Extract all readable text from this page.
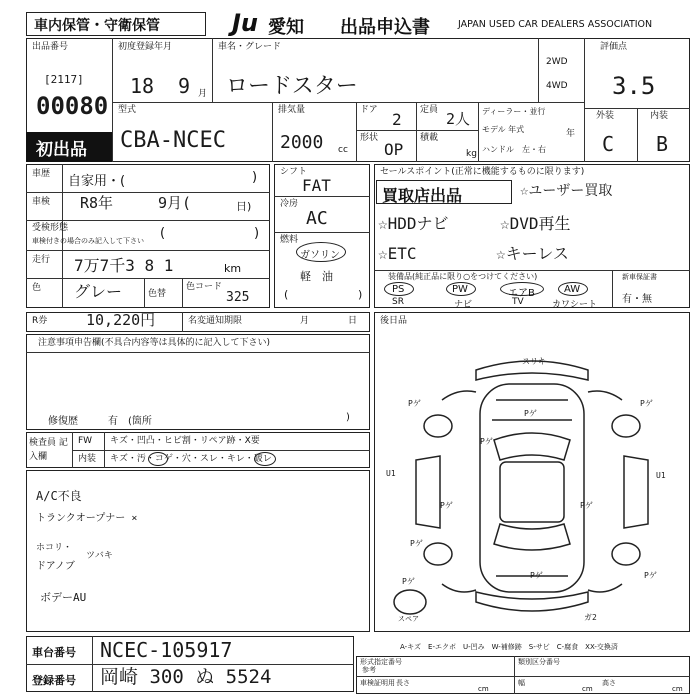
車内保管・守衛保管	Ju 愛知 出品申込書	JAPAN USED CAR DEALERS ASSOCIATION
出品番号
[2117]
00080
初出品
初度登録年月
18 9 月
型式
CBA-NCEC
車名・グレード
ロードスター
2WD
4WD
排気量
2000 cc
ドア 2 定員 2人
形状
OP
積載
kg
ディーラー・並行
モデル 年式	年
ハンドル　左・右
評価点
3.5
外装	内装
C B
車歴 自家用・(	)
車検 R8年	9月(	日)
受検形態
車検付きの場合のみ記入して下さい (	)
走行 7万7千3 8 1	km
色 グレー	色替
色コード
325
シフト
FAT
冷房
AC
燃料
ガソリン
軽　油
(	)
セールスポイント(正常に機能するものに限ります)
買取店出品	☆ユーザー買取
☆HDDナビ	☆DVD再生
☆ETC	☆キーレス
装備品(純正品に限り○をつけてください)
PS	PW	エアB	AW
SR	ナビ	TV	カワシート
新車保証書
有・無
R券	10,220円	名変通知期限	月	日	後日品
注意事項申告欄(不具合内容等は具体的に記入して下さい)
修復歴	有　(箇所	)
検査員 記入欄
FW キズ・凹凸・ヒビ割・リペア跡・X要
内装 キズ・汚・コゲ・穴・スレ・キレ・破レ
A/C不良
トランクオープナー ×
ホコリ・
ドアノブ
ツバキ
ボデーAU
スリキ
Pゲ
Pゲ
Pゲ
Pゲ
U1	U1
Pゲ	Pゲ
Pゲ
Pゲ	Pゲ
Pゲ
ガ2
スペア
車台番号 NCEC-105917
登録番号 岡崎 300 ぬ 5524
A-キズ　E-エクボ　U-凹み　W-補修跡　S-サビ　C-腐食　XX-交換済
形式指定番号	類別区分番号
参考
車検証明用 長さ
cm
幅
cm
高さ
cm
